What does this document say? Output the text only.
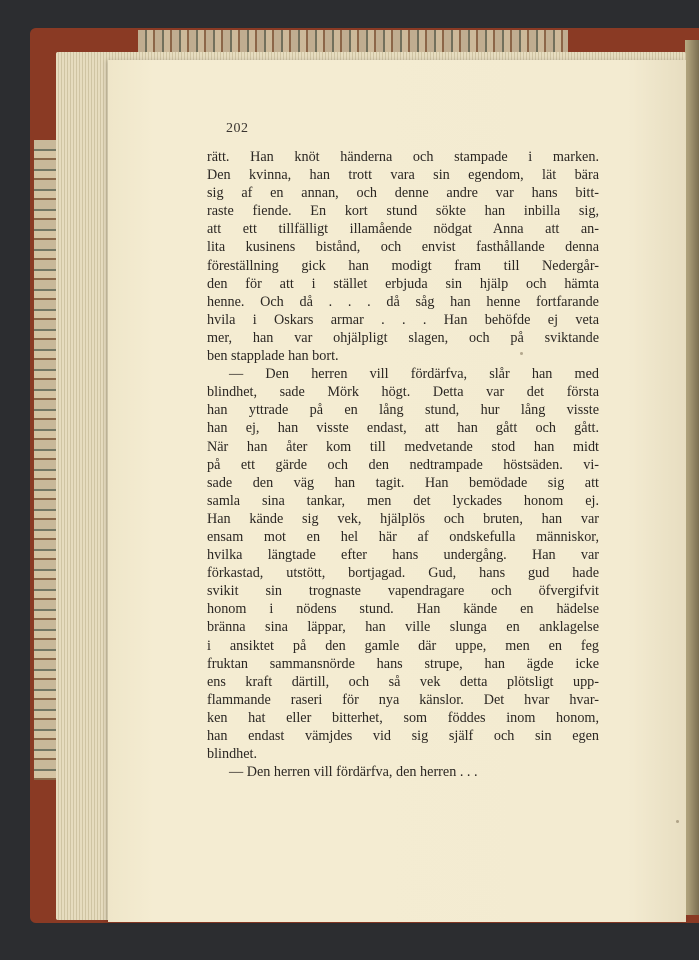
202
rätt. Han knöt händerna och stampade i marken.
Den kvinna, han trott vara sin egendom, lät bära
sig af en annan, och denne andre var hans bitt-
raste fiende. En kort stund sökte han inbilla sig,
att ett tillfälligt illamående nödgat Anna att an-
lita kusinens bistånd, och envist fasthållande denna
föreställning gick han modigt fram till Nedergår-
den för att i stället erbjuda sin hjälp och hämta
henne. Och då . . . då såg han henne fortfarande
hvila i Oskars armar . . . Han behöfde ej veta
mer, han var ohjälpligt slagen, och på sviktande
ben stapplade han bort.
— Den herren vill fördärfva, slår han med
blindhet, sade Mörk högt. Detta var det första
han yttrade på en lång stund, hur lång visste
han ej, han visste endast, att han gått och gått.
När han åter kom till medvetande stod han midt
på ett gärde och den nedtrampade höstsäden. vi-
sade den väg han tagit. Han bemödade sig att
samla sina tankar, men det lyckades honom ej.
Han kände sig vek, hjälplös och bruten, han var
ensam mot en hel här af ondskefulla människor,
hvilka längtade efter hans undergång. Han var
förkastad, utstött, bortjagad. Gud, hans gud hade
svikit sin trognaste vapendragare och öfvergifvit
honom i nödens stund. Han kände en hädelse
bränna sina läppar, han ville slunga en anklagelse
i ansiktet på den gamle där uppe, men en feg
fruktan sammansnörde hans strupe, han ägde icke
ens kraft därtill, och så vek detta plötsligt upp-
flammande raseri för nya känslor. Det hvar hvar-
ken hat eller bitterhet, som föddes inom honom,
han endast vämjdes vid sig själf och sin egen
blindhet.
— Den herren vill fördärfva, den herren . . .
